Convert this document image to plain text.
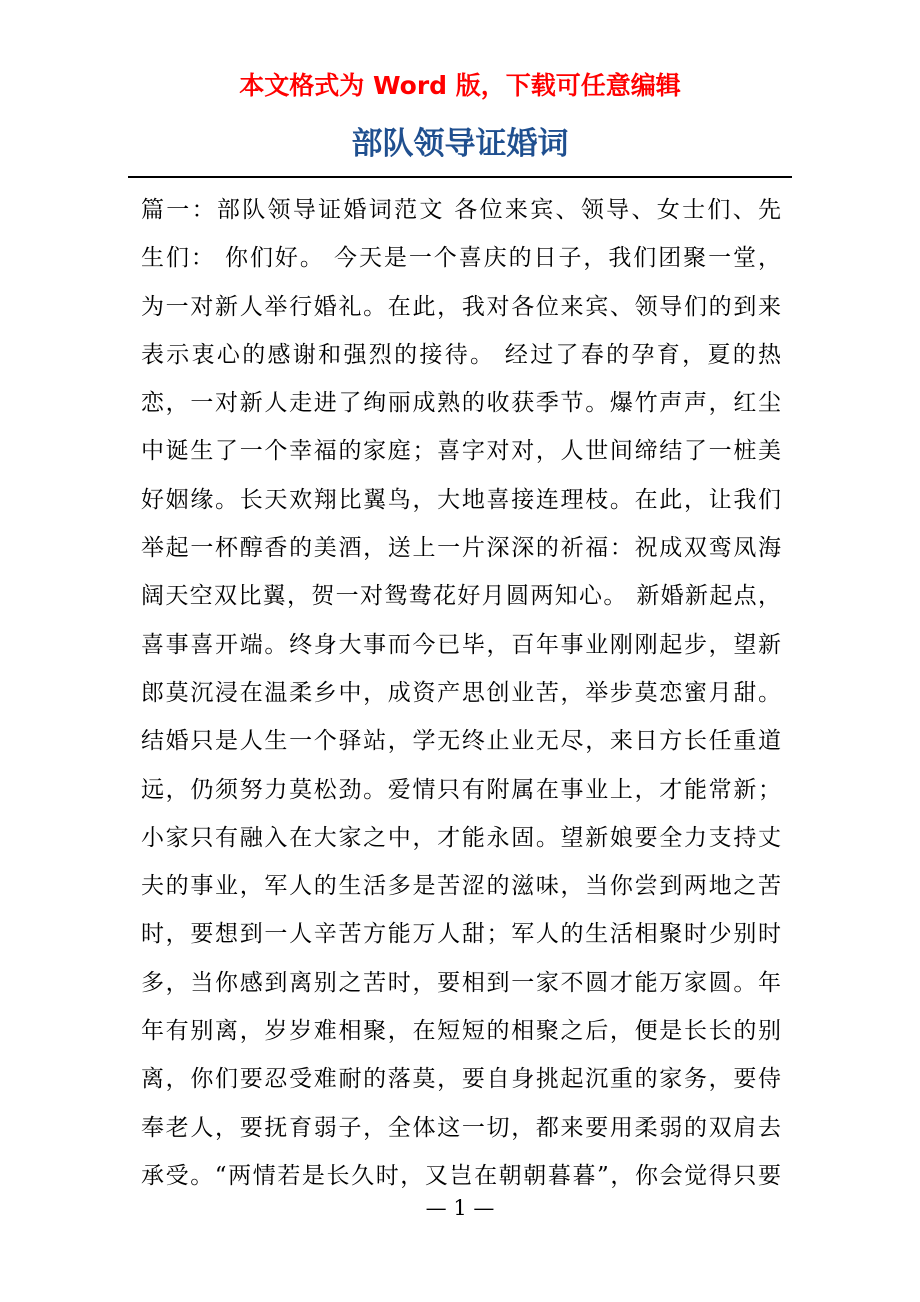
本文格式为 Word 版，下载可任意编辑
部队领导证婚词
篇一：部队领导证婚词范文 各位来宾、领导、女士们、先
生们： 你们好。 今天是一个喜庆的日子，我们团聚一堂，
为一对新人举行婚礼。在此，我对各位来宾、领导们的到来
表示衷心的感谢和强烈的接待。 经过了春的孕育，夏的热
恋，一对新人走进了绚丽成熟的收获季节。爆竹声声，红尘
中诞生了一个幸福的家庭；喜字对对，人世间缔结了一桩美
好姻缘。长天欢翔比翼鸟，大地喜接连理枝。在此，让我们
举起一杯醇香的美酒，送上一片深深的祈福：祝成双鸾凤海
阔天空双比翼，贺一对鸳鸯花好月圆两知心。 新婚新起点，
喜事喜开端。终身大事而今已毕，百年事业刚刚起步，望新
郎莫沉浸在温柔乡中，成资产思创业苦，举步莫恋蜜月甜。
结婚只是人生一个驿站，学无终止业无尽，来日方长任重道
远，仍须努力莫松劲。爱情只有附属在事业上，才能常新；
小家只有融入在大家之中，才能永固。望新娘要全力支持丈
夫的事业，军人的生活多是苦涩的滋味，当你尝到两地之苦
时，要想到一人辛苦方能万人甜；军人的生活相聚时少别时
多，当你感到离别之苦时，要相到一家不圆才能万家圆。年
年有别离，岁岁难相聚，在短短的相聚之后，便是长长的别
离，你们要忍受难耐的落莫，要自身挑起沉重的家务，要侍
奉老人，要抚育弱子，全体这一切，都来要用柔弱的双肩去
承受。“两情若是长久时，又岂在朝朝暮暮”，你会觉得只要
— 1 —
